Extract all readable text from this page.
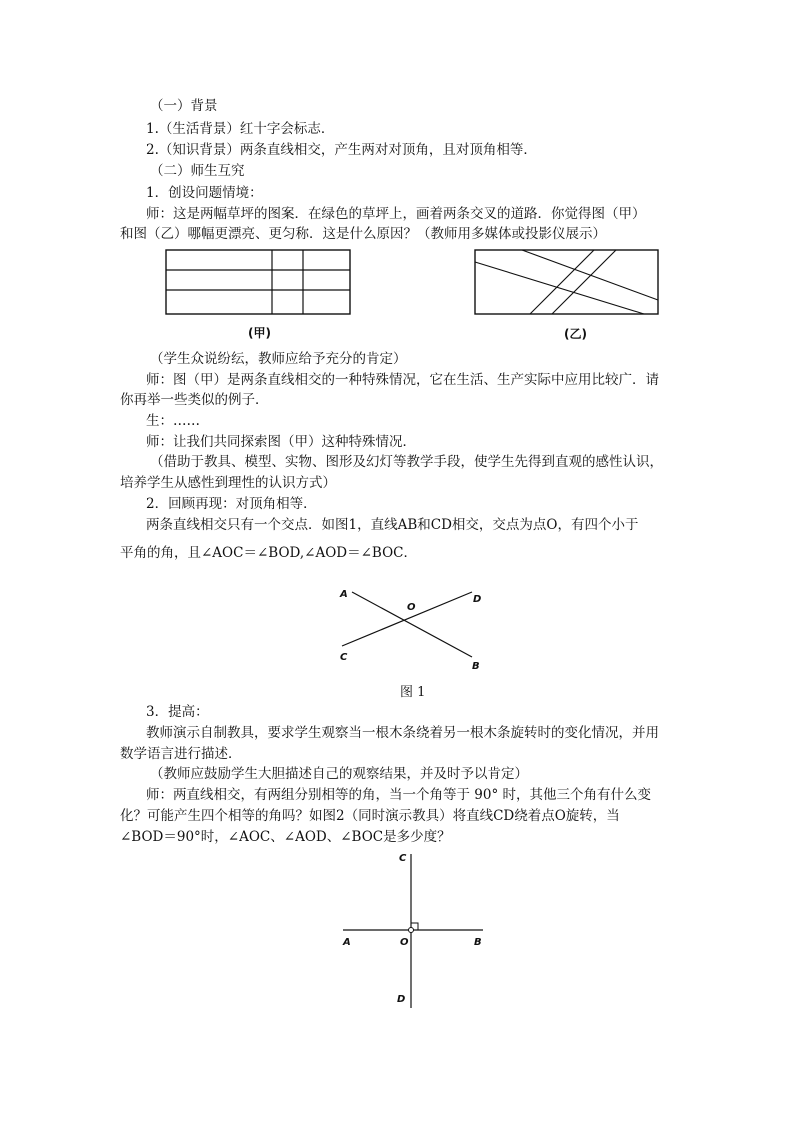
（一）背景
1.（生活背景）红十字会标志．
2.（知识背景）两条直线相交，产生两对对顶角，且对顶角相等．
（二）师生互究
1．创设问题情境：
师：这是两幅草坪的图案．在绿色的草坪上，画着两条交叉的道路．你觉得图（甲）
和图（乙）哪幅更漂亮、更匀称．这是什么原因？（教师用多媒体或投影仪展示）
(甲)	(乙)
（学生众说纷纭，教师应给予充分的肯定）
师：图（甲）是两条直线相交的一种特殊情况，它在生活、生产实际中应用比较广．请
你再举一些类似的例子．
生：……
师：让我们共同探索图（甲）这种特殊情况．
（借助于教具、模型、实物、图形及幻灯等教学手段，使学生先得到直观的感性认识，
培养学生从感性到理性的认识方式）
2．回顾再现：对顶角相等．
两条直线相交只有一个交点．如图1，直线AB和CD相交，交点为点O，有四个小于
平角的角，且∠AOC＝∠BOD,∠AOD＝∠BOC．
A
O
D
C
B
图 1
3．提高：
教师演示自制教具，要求学生观察当一根木条绕着另一根木条旋转时的变化情况，并用
数学语言进行描述．
（教师应鼓励学生大胆描述自己的观察结果，并及时予以肯定）
师：两直线相交，有两组分别相等的角，当一个角等于 90° 时，其他三个角有什么变
化？可能产生四个相等的角吗？如图2（同时演示教具）将直线CD绕着点O旋转，当
∠BOD＝90°时，∠AOC、∠AOD、∠BOC是多少度？
C
A	O	B
D
